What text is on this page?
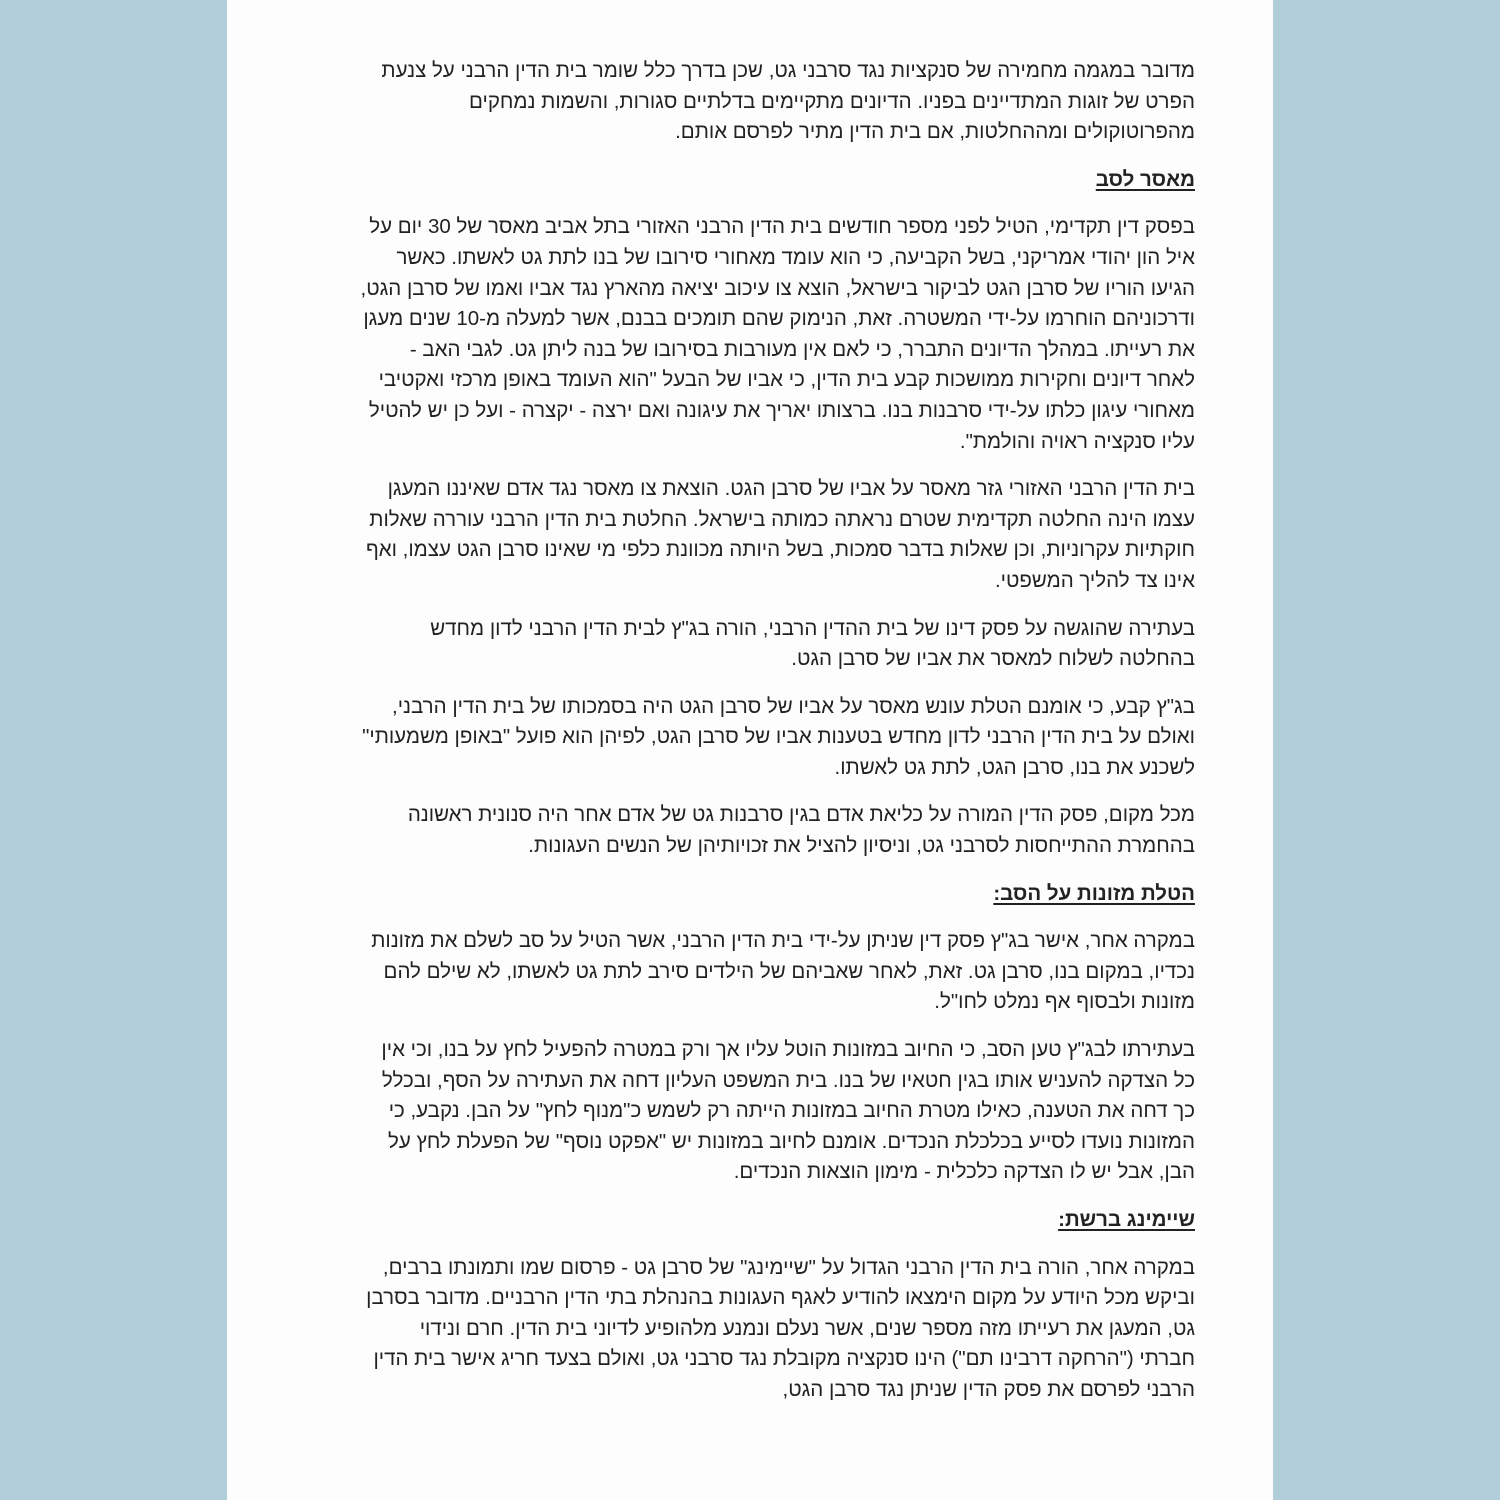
מדובר במגמה מחמירה של סנקציות נגד סרבני גט, שכן בדרך כלל שומר בית הדין הרבני על צנעת הפרט של זוגות המתדיינים בפניו. הדיונים מתקיימים בדלתיים סגורות, והשמות נמחקים מהפרוטוקולים ומההחלטות, אם בית הדין מתיר לפרסם אותם.

מאסר לסב

בפסק דין תקדימי, הטיל לפני מספר חודשים בית הדין הרבני האזורי בתל אביב מאסר של 30 יום על איל הון יהודי אמריקני, בשל הקביעה, כי הוא עומד מאחורי סירובו של בנו לתת גט לאשתו. כאשר הגיעו הוריו של סרבן הגט לביקור בישראל, הוצא צו עיכוב יציאה מהארץ נגד אביו ואמו של סרבן הגט, ודרכוניהם הוחרמו על-ידי המשטרה. זאת, הנימוק שהם תומכים בבנם, אשר למעלה מ-10 שנים מעגן את רעייתו. במהלך הדיונים התברר, כי לאם אין מעורבות בסירובו של בנה ליתן גט. לגבי האב - לאחר דיונים וחקירות ממושכות קבע בית הדין, כי אביו של הבעל "הוא העומד באופן מרכזי ואקטיבי מאחורי עיגון כלתו על-ידי סרבנות בנו. ברצותו יאריך את עיגונה ואם ירצה - יקצרה - ועל כן יש להטיל עליו סנקציה ראויה והולמת".

בית הדין הרבני האזורי גזר מאסר על אביו של סרבן הגט. הוצאת צו מאסר נגד אדם שאיננו המעגן עצמו הינה החלטה תקדימית שטרם נראתה כמותה בישראל. החלטת בית הדין הרבני עוררה שאלות חוקתיות עקרוניות, וכן שאלות בדבר סמכות, בשל היותה מכוונת כלפי מי שאינו סרבן הגט עצמו, ואף אינו צד להליך המשפטי.

בעתירה שהוגשה על פסק דינו של בית ההדין הרבני, הורה בג"ץ לבית הדין הרבני לדון מחדש בהחלטה לשלוח למאסר את אביו של סרבן הגט.

בג"ץ קבע, כי אומנם הטלת עונש מאסר על אביו של סרבן הגט היה בסמכותו של בית הדין הרבני, ואולם על בית הדין הרבני לדון מחדש בטענות אביו של סרבן הגט, לפיהן הוא פועל "באופן משמעותי" לשכנע את בנו, סרבן הגט, לתת גט לאשתו.

מכל מקום, פסק הדין המורה על כליאת אדם בגין סרבנות גט של אדם אחר היה סנונית ראשונה בהחמרת ההתייחסות לסרבני גט, וניסיון להציל את זכויותיהן של הנשים העגונות.

הטלת מזונות על הסב:

במקרה אחר, אישר בג"ץ פסק דין שניתן על-ידי בית הדין הרבני, אשר הטיל על סב לשלם את מזונות נכדיו, במקום בנו, סרבן גט. זאת, לאחר שאביהם של הילדים סירב לתת גט לאשתו, לא שילם להם מזונות ולבסוף אף נמלט לחו"ל.

בעתירתו לבג"ץ טען הסב, כי החיוב במזונות הוטל עליו אך ורק במטרה להפעיל לחץ על בנו, וכי אין כל הצדקה להעניש אותו בגין חטאיו של בנו. בית המשפט העליון דחה את העתירה על הסף, ובכלל כך דחה את הטענה, כאילו מטרת החיוב במזונות הייתה רק לשמש כ"מנוף לחץ" על הבן. נקבע, כי המזונות נועדו לסייע בכלכלת הנכדים. אומנם לחיוב במזונות יש "אפקט נוסף" של הפעלת לחץ על הבן, אבל יש לו הצדקה כלכלית - מימון הוצאות הנכדים.

שיימינג ברשת:

במקרה אחר, הורה בית הדין הרבני הגדול על "שיימינג" של סרבן גט - פרסום שמו ותמונתו ברבים, וביקש מכל היודע על מקום הימצאו להודיע לאגף העגונות בהנהלת בתי הדין הרבניים. מדובר בסרבן גט, המעגן את רעייתו מזה מספר שנים, אשר נעלם ונמנע מלהופיע לדיוני בית הדין. חרם ונידוי חברתי ("הרחקה דרבינו תם") הינו סנקציה מקובלת נגד סרבני גט, ואולם בצעד חריג אישר בית הדין הרבני לפרסם את פסק הדין שניתן נגד סרבן הגט,
